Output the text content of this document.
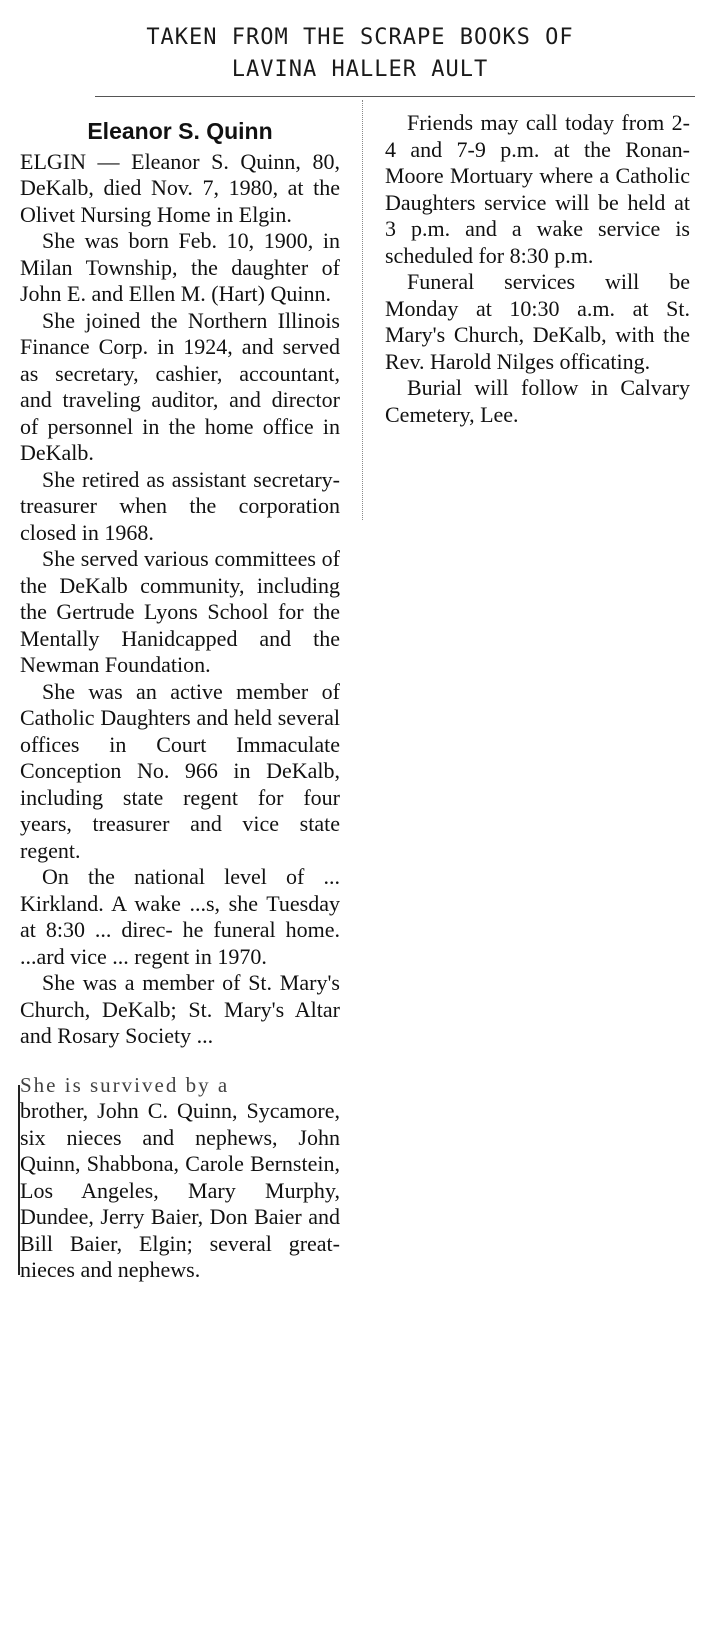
TAKEN FROM THE SCRAPE BOOKS OF
LAVINA HALLER AULT
Eleanor S. Quinn

ELGIN — Eleanor S. Quinn, 80, DeKalb, died Nov. 7, 1980, at the Olivet Nursing Home in Elgin.

She was born Feb. 10, 1900, in Milan Township, the daughter of John E. and Ellen M. (Hart) Quinn.

She joined the Northern Illinois Finance Corp. in 1924, and served as secretary, cashier, accountant, and traveling auditor, and director of personnel in the home office in DeKalb.

She retired as assistant secretary-treasurer when the corporation closed in 1968.

She served various committees of the DeKalb community, including the Gertrude Lyons School for the Mentally Hanidcapped and the Newman Foundation.

She was an active member of Catholic Daughters and held several offices in Court Immaculate Conception No. 966 in DeKalb, including state regent for four years, treasurer and vice state regent.

On the national level of ... Kirkland. A wake ...s, she Tuesday at 8:30 ... direc- he funeral home. ...ard vice ... regent in 1970.

She was a member of St. Mary's Church, DeKalb; St. Mary's Altar and Rosary Society ...

She is survived by a

brother, John C. Quinn, Sycamore, six nieces and nephews, John Quinn, Shabbona, Carole Bernstein, Los Angeles, Mary Murphy, Dundee, Jerry Baier, Don Baier and Bill Baier, Elgin; several great-nieces and nephews.

Friends may call today from 2-4 and 7-9 p.m. at the Ronan-Moore Mortuary where a Catholic Daughters service will be held at 3 p.m. and a wake service is scheduled for 8:30 p.m.

Funeral services will be Monday at 10:30 a.m. at St. Mary's Church, DeKalb, with the Rev. Harold Nilges officating.

Burial will follow in Calvary Cemetery, Lee.
